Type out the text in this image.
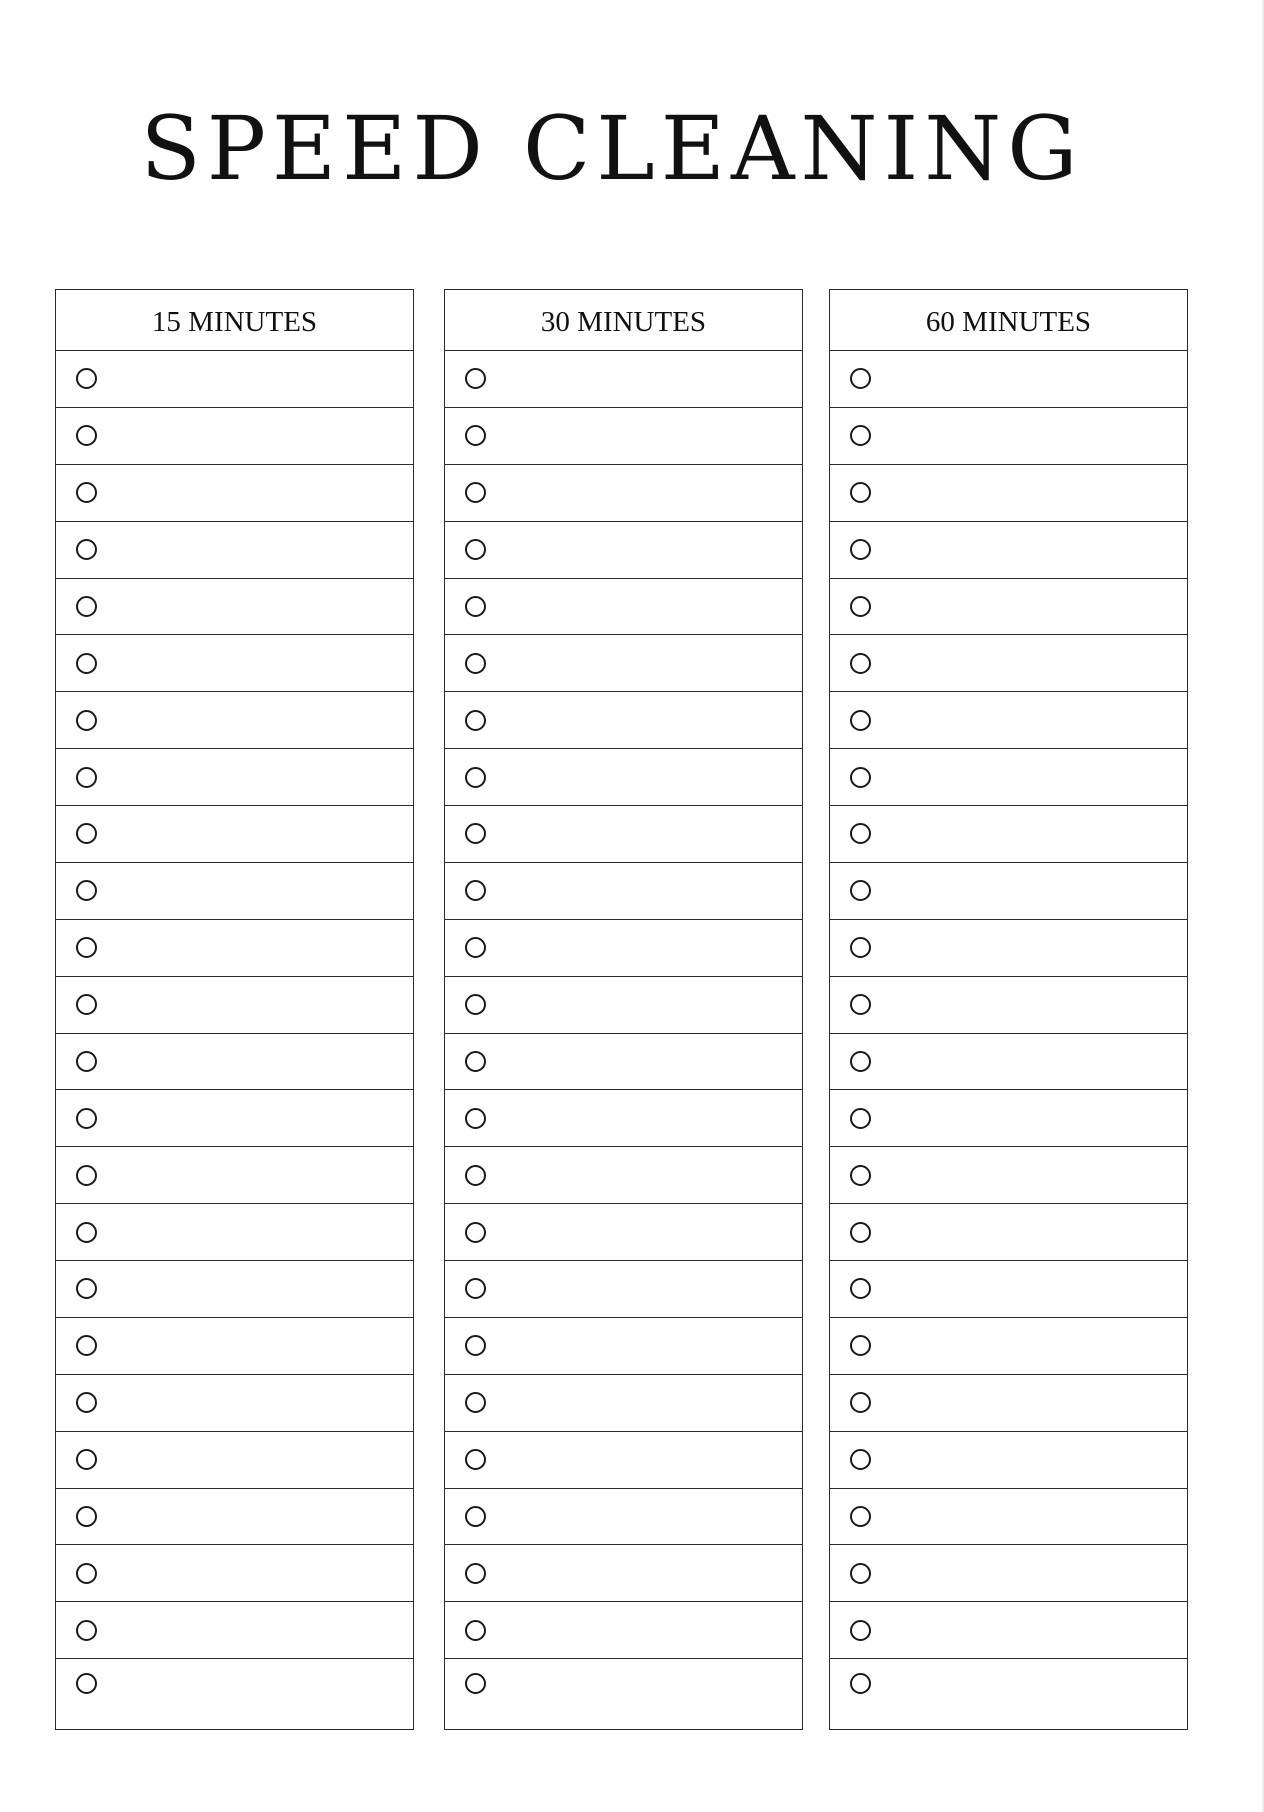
SPEED CLEANING
15 MINUTES	30 MINUTES	60 MINUTES
